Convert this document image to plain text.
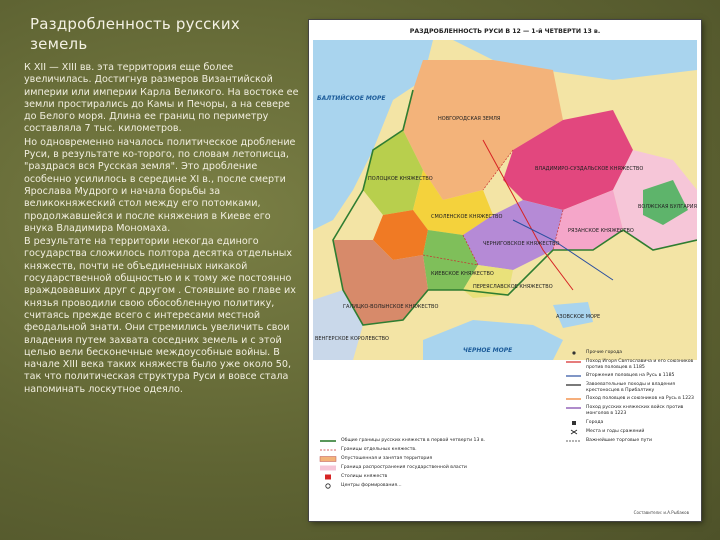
Раздробленность русских земель

К XII — XIII вв. эта территория еще более увеличилась. Достигнув размеров Византийской империи или империи Карла Великого. На востоке ее земли простирались до Камы и Печоры, а на севере до Белого моря. Длина ее границ по периметру составляла 7 тыс. километров.

Но одновременно началось политическое дробление Руси, в результате ко-торого, по словам летописца, "раздрася вся Русская земля". Это дробление особенно усилилось в середине XI в., после смерти Ярослава Мудрого и начала борьбы за великокняжеский стол между его потомками, продолжавшейся и после княжения в Киеве его внука Владимира Мономаха.

В результате на территории некогда единого государства сложилось полтора десятка отдельных княжеств, почти не объединенных никакой государственной общностью и к тому же постоянно враждовавших друг с другом . Стоявшие во главе их князья проводили свою обособленную политику, считаясь прежде всего с интересами местной феодальной знати. Они стремились увеличить свои владения путем захвата соседних земель и с этой целью вели бесконечные междоусобные войны. В начале XIII века таких княжеств было уже около 50, так что политическая структура Руси и вовсе стала напоминать лоскутное одеяло.

РАЗДРОБЛЕННОСТЬ РУСИ В 12 — 1-й ЧЕТВЕРТИ 13 в.
НОВГОРОДСКАЯ ЗЕМЛЯ
ВЛАДИМИРО-СУЗДАЛЬСКОЕ КНЯЖЕСТВО
ВОЛЖСКАЯ БУЛГАРИЯ
ПОЛОЦКОЕ КНЯЖЕСТВО
СМОЛЕНСКОЕ КНЯЖЕСТВО
ЧЕРНИГОВСКОЕ КНЯЖЕСТВО
РЯЗАНСКОЕ КНЯЖЕСТВО
КИЕВСКОЕ КНЯЖЕСТВО
ПЕРЕЯСЛАВСКОЕ КНЯЖЕСТВО
ГАЛИЦКО-ВОЛЫНСКОЕ КНЯЖЕСТВО
ВЕНГЕРСКОЕ КОРОЛЕВСТВО
ЧЕРНОЕ МОРЕ
АЗОВСКОЕ МОРЕ
БАЛТИЙСКОЕ МОРЕ
Прочие города
Поход Игоря Святославича и его союзников против половцев в 1185
Вторжения половцев на Русь в 1185
Завоевательные походы и владения крестоносцев в Прибалтику
Поход половцев и союзников на Русь в 1223
Поход русских княжеских войск против монголов в 1223
Города
Места и годы сражений
Важнейшие торговые пути
Общие границы русских княжеств в первой четверти 13 в.
Границы отдельных княжеств.
Опустошенная и занятая территория
Граница распространения государственной власти
Столицы княжеств
Центры формирования...
Составители: и.А.Рыбаков
